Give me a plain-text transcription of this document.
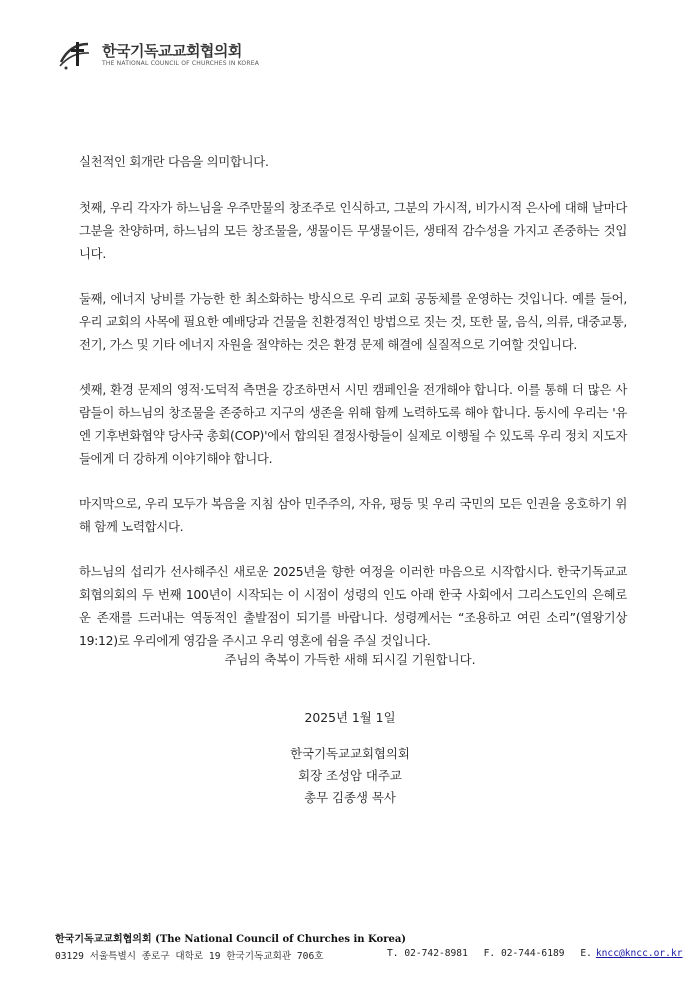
한국기독교교회협의회
THE NATIONAL COUNCIL OF CHURCHES IN KOREA

실천적인 회개란 다음을 의미합니다.

첫째, 우리 각자가 하느님을 우주만물의 창조주로 인식하고, 그분의 가시적, 비가시적 은사에 대해 날마다 그분을 찬양하며, 하느님의 모든 창조물을, 생물이든 무생물이든, 생태적 감수성을 가지고 존중하는 것입니다.

둘째, 에너지 낭비를 가능한 한 최소화하는 방식으로 우리 교회 공동체를 운영하는 것입니다. 예를 들어, 우리 교회의 사목에 필요한 예배당과 건물을 친환경적인 방법으로 짓는 것, 또한 물, 음식, 의류, 대중교통, 전기, 가스 및 기타 에너지 자원을 절약하는 것은 환경 문제 해결에 실질적으로 기여할 것입니다.

셋째, 환경 문제의 영적·도덕적 측면을 강조하면서 시민 캠페인을 전개해야 합니다. 이를 통해 더 많은 사람들이 하느님의 창조물을 존중하고 지구의 생존을 위해 함께 노력하도록 해야 합니다. 동시에 우리는 '유엔 기후변화협약 당사국 총회(COP)'에서 합의된 결정사항들이 실제로 이행될 수 있도록 우리 정치 지도자들에게 더 강하게 이야기해야 합니다.

마지막으로, 우리 모두가 복음을 지침 삼아 민주주의, 자유, 평등 및 우리 국민의 모든 인권을 옹호하기 위해 함께 노력합시다.

하느님의 섭리가 선사해주신 새로운 2025년을 향한 여정을 이러한 마음으로 시작합시다. 한국기독교교회협의회의 두 번째 100년이 시작되는 이 시점이 성령의 인도 아래 한국 사회에서 그리스도인의 은혜로운 존재를 드러내는 역동적인 출발점이 되기를 바랍니다. 성령께서는 “조용하고 여린 소리”(열왕기상 19:12)로 우리에게 영감을 주시고 우리 영혼에 쉼을 주실 것입니다.

주님의 축복이 가득한 새해 되시길 기원합니다.
2025년 1월 1일
한국기독교교회협의회
회장 조성암 대주교
총무 김종생 목사
한국기독교교회협의회 (The National Council of Churches in Korea)
03129 서울특별시 종로구 대학로 19 한국기독교회관 706호	T. 02-742-8981 F. 02-744-6189 E. kncc@kncc.or.kr
